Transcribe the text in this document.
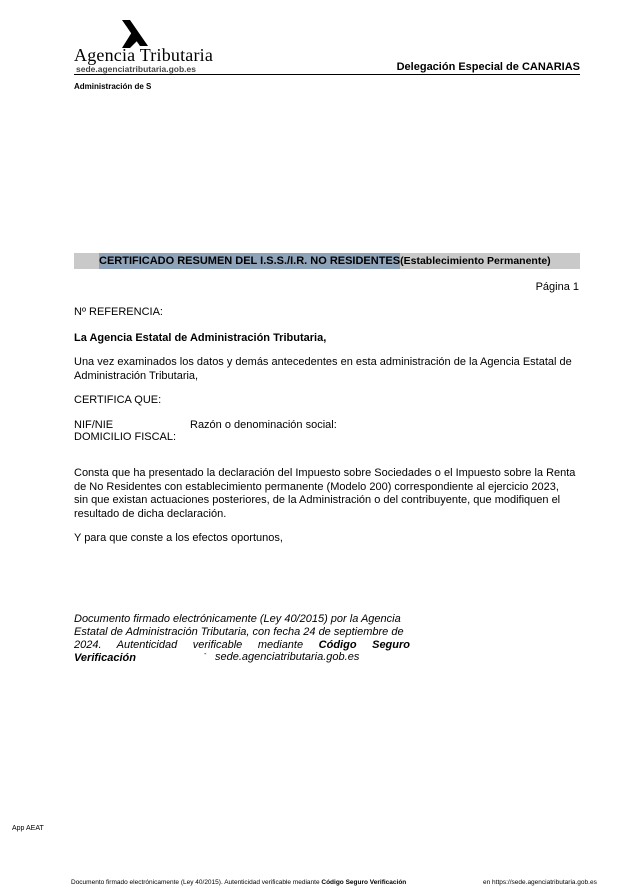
Agencia Tributaria
sede.agenciatributaria.gob.es	Delegación Especial de CANARIAS
Administración de S
CERTIFICADO RESUMEN DEL I.S.S./I.R. NO RESIDENTES(Establecimiento Permanente)
Página 1
Nº REFERENCIA:
La Agencia Estatal de Administración Tributaria,
Una vez examinados los datos y demás antecedentes en esta administración de la Agencia Estatal de
Administración Tributaria,
CERTIFICA QUE:
NIF/NIE	Razón o denominación social:
DOMICILIO FISCAL:
Consta que ha presentado la declaración del Impuesto sobre Sociedades o el Impuesto sobre la Renta
de No Residentes con establecimiento permanente (Modelo 200) correspondiente al ejercicio 2023,
sin que existan actuaciones posteriores, de la Administración o del contribuyente, que modifiquen el
resultado de dicha declaración.
Y para que conste a los efectos oportunos,
Documento firmado electrónicamente (Ley 40/2015) por la Agencia
Estatal de Administración Tributaria, con fecha 24 de septiembre de
2024. Autenticidad verificable mediante Código Seguro Verificación	- sede.agenciatributaria.gob.es
App AEAT
Documento firmado electrónicamente (Ley 40/2015). Autenticidad verificable mediante Código Seguro Verificación	en https://sede.agenciatributaria.gob.es
